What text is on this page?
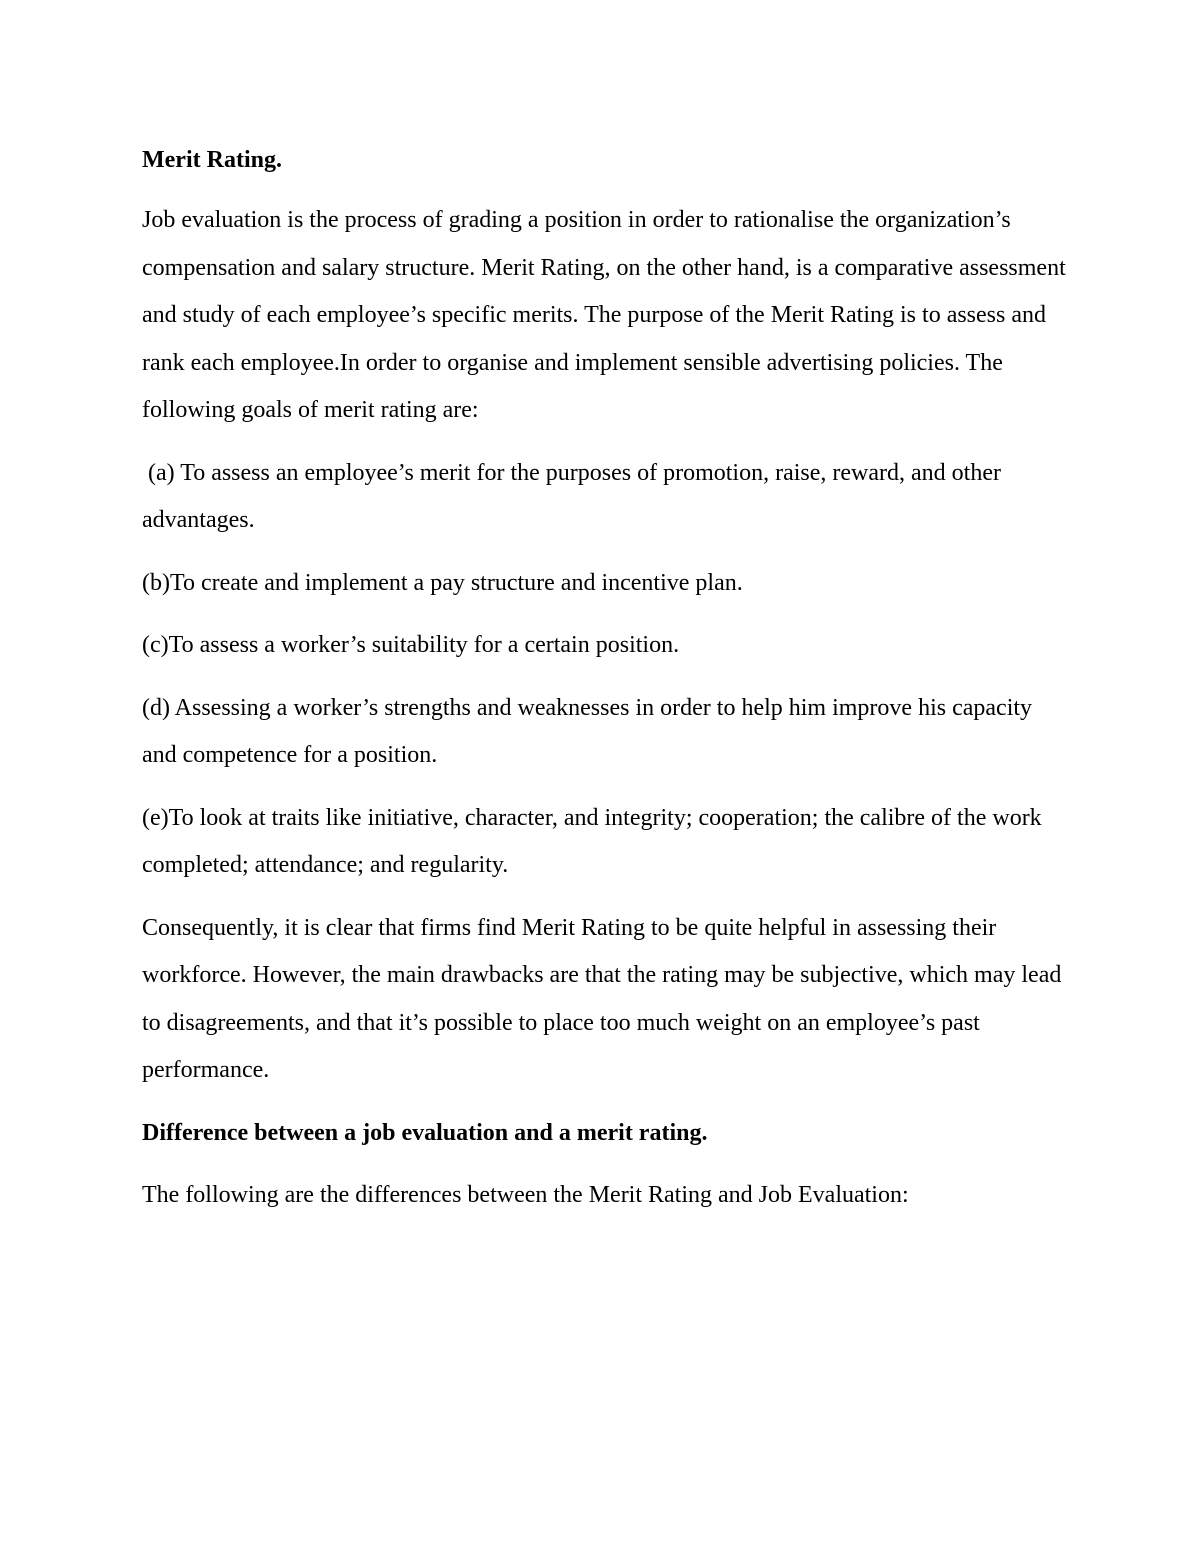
Merit Rating.

Job evaluation is the process of grading a position in order to rationalise the organization’s compensation and salary structure. Merit Rating, on the other hand, is a comparative assessment and study of each employee’s specific merits. The purpose of the Merit Rating is to assess and rank each employee.In order to organise and implement sensible advertising policies. The following goals of merit rating are:

(a) To assess an employee’s merit for the purposes of promotion, raise, reward, and other advantages.

(b)To create and implement a pay structure and incentive plan.

(c)To assess a worker’s suitability for a certain position.

(d) Assessing a worker’s strengths and weaknesses in order to help him improve his capacity and competence for a position.

(e)To look at traits like initiative, character, and integrity; cooperation; the calibre of the work completed; attendance; and regularity.

Consequently, it is clear that firms find Merit Rating to be quite helpful in assessing their workforce. However, the main drawbacks are that the rating may be subjective, which may lead to disagreements, and that it’s possible to place too much weight on an employee’s past performance.

Difference between a job evaluation and a merit rating.

The following are the differences between the Merit Rating and Job Evaluation:
